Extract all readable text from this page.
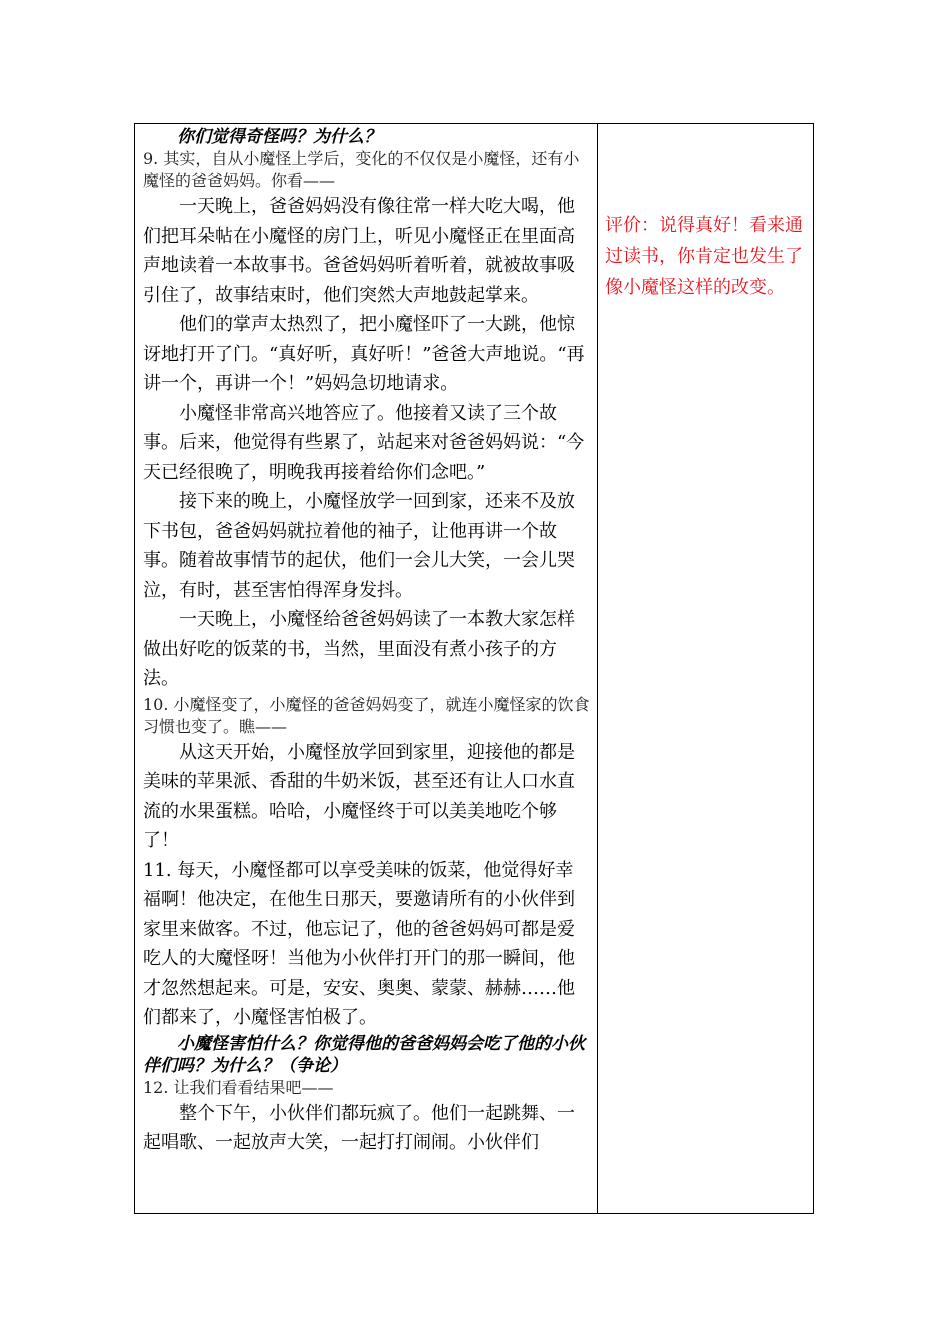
你们觉得奇怪吗？为什么？

9. 其实，自从小魔怪上学后，变化的不仅仅是小魔怪，还有小魔怪的爸爸妈妈。你看——

一天晚上，爸爸妈妈没有像往常一样大吃大喝，他们把耳朵帖在小魔怪的房门上，听见小魔怪正在里面高声地读着一本故事书。爸爸妈妈听着听着，就被故事吸引住了，故事结束时，他们突然大声地鼓起掌来。

他们的掌声太热烈了，把小魔怪吓了一大跳，他惊讶地打开了门。“真好听，真好听！”爸爸大声地说。“再讲一个，再讲一个！”妈妈急切地请求。

小魔怪非常高兴地答应了。他接着又读了三个故事。后来，他觉得有些累了，站起来对爸爸妈妈说：“今天已经很晚了，明晚我再接着给你们念吧。”

接下来的晚上，小魔怪放学一回到家，还来不及放下书包，爸爸妈妈就拉着他的袖子，让他再讲一个故事。随着故事情节的起伏，他们一会儿大笑，一会儿哭泣，有时，甚至害怕得浑身发抖。

一天晚上，小魔怪给爸爸妈妈读了一本教大家怎样做出好吃的饭菜的书，当然，里面没有煮小孩子的方法。

10. 小魔怪变了，小魔怪的爸爸妈妈变了，就连小魔怪家的饮食习惯也变了。瞧——

从这天开始，小魔怪放学回到家里，迎接他的都是美味的苹果派、香甜的牛奶米饭，甚至还有让人口水直流的水果蛋糕。哈哈，小魔怪终于可以美美地吃个够了！

11. 每天，小魔怪都可以享受美味的饭菜，他觉得好幸福啊！他决定，在他生日那天，要邀请所有的小伙伴到家里来做客。不过，他忘记了，他的爸爸妈妈可都是爱吃人的大魔怪呀！当他为小伙伴打开门的那一瞬间，他才忽然想起来。可是，安安、奥奥、蒙蒙、赫赫……他们都来了，小魔怪害怕极了。

小魔怪害怕什么？你觉得他的爸爸妈妈会吃了他的小伙伴们吗？为什么？（争论）

12. 让我们看看结果吧——

整个下午，小伙伴们都玩疯了。他们一起跳舞、一起唱歌、一起放声大笑，一起打打闹闹。小伙伴们

评价：说得真好！看来通过读书，你肯定也发生了像小魔怪这样的改变。
